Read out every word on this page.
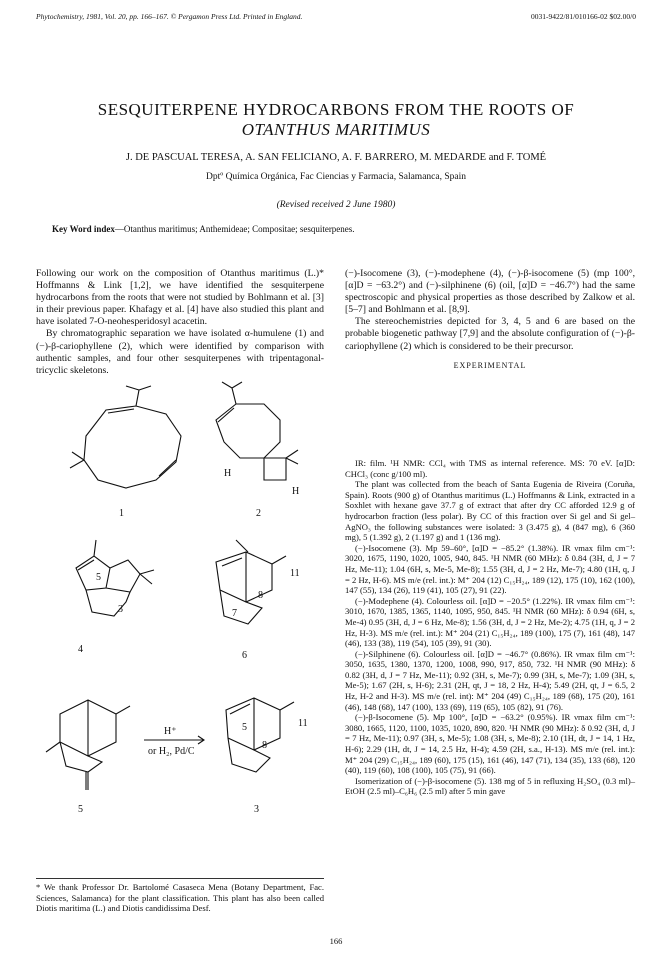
Phytochemistry, 1981, Vol. 20, pp. 166–167. © Pergamon Press Ltd. Printed in England.	0031-9422/81/010166-02 $02.00/0
SESQUITERPENE HYDROCARBONS FROM THE ROOTS OF
OTANTHUS MARITIMUS
J. DE PASCUAL TERESA, A. SAN FELICIANO, A. F. BARRERO, M. MEDARDE and F. TOMÉ
Dptº Química Orgánica, Fac Ciencias y Farmacia, Salamanca, Spain
(Revised received 2 June 1980)
Key Word index—Otanthus maritimus; Anthemideae; Compositae; sesquiterpenes.

Following our work on the composition of Otanthus maritimus (L.)* Hoffmanns & Link [1,2], we have identified the sesquiterpene hydrocarbons from the roots that were not studied by Bohlmann et al. [3] in their previous paper. Khafagy et al. [4] have also studied this plant and have isolated 7-O-neohesperidosyl acacetin.

By chromatographic separation we have isolated α-humulene (1) and (−)-β-cariophyllene (2), which were identified by comparison with authentic samples, and four other sesquiterpenes with tripentagonal-tricyclic skeletons.

1
H
H
2
5
3
4
11
8
7
6
5
H⁺
or H₂, Pd/C
5
8
11
3

(−)-Isocomene (3), (−)-modephene (4), (−)-β-isocomene (5) (mp 100°, [α]D = −63.2°) and (−)-silphinene (6) (oil, [α]D = −46.7°) had the same spectroscopic and physical properties as those described by Zalkow et al. [5–7] and Bohlmann et al. [8,9].

The stereochemistries depicted for 3, 4, 5 and 6 are based on the probable biogenetic pathway [7,9] and the absolute configuration of (−)-β-cariophyllene (2) which is considered to be their precursor.

EXPERIMENTAL

IR: film. ¹H NMR: CCl₄ with TMS as internal reference. MS: 70 eV. [α]D: CHCl₃ (conc g/100 ml).

The plant was collected from the beach of Santa Eugenia de Riveira (Coruña, Spain). Roots (900 g) of Otanthus maritimus (L.) Hoffmanns & Link, extracted in a Soxhlet with hexane gave 37.7 g of extract that after dry CC afforded 12.9 g of hydrocarbon fraction (less polar). By CC of this fraction over Si gel and Si gel–AgNO₃ the following substances were isolated: 3 (3.475 g), 4 (847 mg), 6 (360 mg), 5 (1.392 g), 2 (1.197 g) and 1 (136 mg).

(−)-Isocomene (3). Mp 59–60°, [α]D = −85.2° (1.38%). IR νmax film cm⁻¹: 3020, 1675, 1190, 1020, 1005, 940, 845. ¹H NMR (60 MHz): δ 0.84 (3H, d, J = 7 Hz, Me-11); 1.04 (6H, s, Me-5, Me-8); 1.55 (3H, d, J = 2 Hz, Me-7); 4.80 (1H, q, J = 2 Hz, H-6). MS m/e (rel. int.): M⁺ 204 (12) C₁₅H₂₄, 189 (12), 175 (10), 162 (100), 147 (55), 134 (26), 119 (41), 105 (27), 91 (22).

(−)-Modephene (4). Colourless oil. [α]D = −20.5° (1.22%). IR νmax film cm⁻¹: 3010, 1670, 1385, 1365, 1140, 1095, 950, 845. ¹H NMR (60 MHz): δ 0.94 (6H, s, Me-4) 0.95 (3H, d, J = 6 Hz, Me-8); 1.56 (3H, d, J = 2 Hz, Me-2); 4.75 (1H, q, J = 2 Hz, H-3). MS m/e (rel. int.): M⁺ 204 (21) C₁₅H₂₄, 189 (100), 175 (7), 161 (48), 147 (46), 133 (38), 119 (54), 105 (39), 91 (30).

(−)-Silphinene (6). Colourless oil. [α]D = −46.7° (0.86%). IR νmax film cm⁻¹: 3050, 1635, 1380, 1370, 1200, 1008, 990, 917, 850, 732. ¹H NMR (90 MHz): δ 0.82 (3H, d, J = 7 Hz, Me-11); 0.92 (3H, s, Me-7); 0.99 (3H, s, Me-7); 1.09 (3H, s, Me-5); 1.67 (2H, s, H-6); 2.31 (2H, qt, J = 18, 2 Hz, H-4); 5.49 (2H, qt, J = 6.5, 2 Hz, H-2 and H-3). MS m/e (rel. int): M⁺ 204 (49) C₁₅H₂₄, 189 (68), 175 (20), 161 (46), 148 (68), 147 (100), 133 (69), 119 (65), 105 (82), 91 (76).

(−)-β-Isocomene (5). Mp 100°, [α]D = −63.2° (0.95%). IR νmax film cm⁻¹: 3080, 1665, 1120, 1100, 1035, 1020, 890, 820. ¹H NMR (90 MHz): δ 0.92 (3H, d, J = 7 Hz, Me-11); 0.97 (3H, s, Me-5); 1.08 (3H, s, Me-8); 2.10 (1H, dt, J = 14, 1 Hz, H-6); 2.29 (1H, dt, J = 14, 2.5 Hz, H-4); 4.59 (2H, s.a., H-13). MS m/e (rel. int.): M⁺ 204 (29) C₁₅H₂₄, 189 (60), 175 (15), 161 (46), 147 (71), 134 (35), 133 (68), 120 (40), 119 (60), 108 (100), 105 (75), 91 (66).

Isomerization of (−)-β-isocomene (5). 138 mg of 5 in refluxing H₂SO₄ (0.3 ml)–EtOH (2.5 ml)–C₆H₆ (2.5 ml) after 5 min gave

* We thank Professor Dr. Bartolomé Casaseca Mena (Botany Department, Fac. Sciences, Salamanca) for the plant classification. This plant has also been called Diotis maritima (L.) and Diotis candidissima Desf.
166
